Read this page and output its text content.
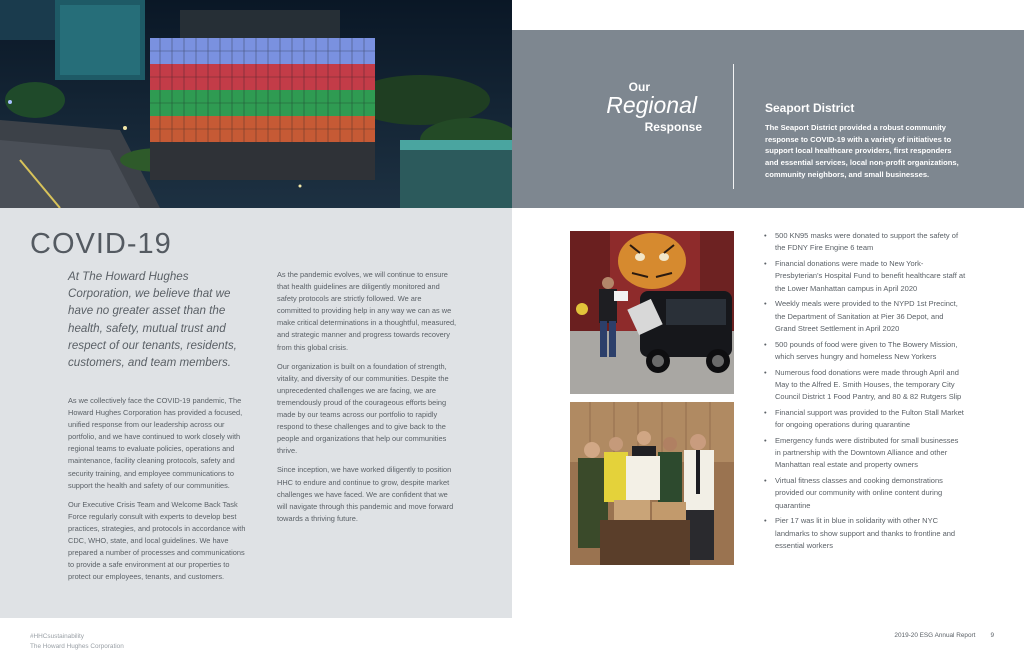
Our
Regional
Response
Seaport District
The Seaport District provided a robust community response to COVID-19 with a variety of initiatives to support local healthcare providers, first responders and essential services, local non-profit organizations, community neighbors, and small businesses.
COVID-19
At The Howard Hughes Corporation, we believe that we have no greater asset than the health, safety, mutual trust and respect of our tenants, residents, customers, and team members.

As we collectively face the COVID-19 pandemic, The Howard Hughes Corporation has provided a focused, unified response from our leadership across our portfolio, and we have continued to work closely with regional teams to evaluate policies, operations and maintenance, facility cleaning protocols, safety and security training, and employee communications to support the health and safety of our communities.

Our Executive Crisis Team and Welcome Back Task Force regularly consult with experts to develop best practices, strategies, and protocols in accordance with CDC, WHO, state, and local guidelines. We have prepared a number of processes and communications to provide a safe environment at our properties to protect our employees, tenants, and customers.

As the pandemic evolves, we will continue to ensure that health guidelines are diligently monitored and safety protocols are strictly followed. We are committed to providing help in any way we can as we make critical determinations in a thoughtful, measured, and strategic manner and progress towards recovery from this global crisis.

Our organization is built on a foundation of strength, vitality, and diversity of our communities. Despite the unprecedented challenges we are facing, we are tremendously proud of the courageous efforts being made by our teams across our portfolio to rapidly respond to these challenges and to give back to the people and organizations that help our communities thrive.

Since inception, we have worked diligently to position HHC to endure and continue to grow, despite market challenges we have faced. We are confident that we will navigate through this pandemic and move forward towards a thriving future.

• 500 KN95 masks were donated to support the safety of the FDNY Fire Engine 6 team
• Financial donations were made to New York-Presbyterian's Hospital Fund to benefit healthcare staff at the Lower Manhattan campus in April 2020
• Weekly meals were provided to the NYPD 1st Precinct, the Department of Sanitation at Pier 36 Depot, and Grand Street Settlement in April 2020
• 500 pounds of food were given to The Bowery Mission, which serves hungry and homeless New Yorkers
• Numerous food donations were made through April and May to the Alfred E. Smith Houses, the temporary City Council District 1 Food Pantry, and 80 & 82 Rutgers Slip
• Financial support was provided to the Fulton Stall Market for ongoing operations during quarantine
• Emergency funds were distributed for small businesses in partnership with the Downtown Alliance and other Manhattan real estate and property owners
• Virtual fitness classes and cooking demonstrations provided our community with online content during quarantine
• Pier 17 was lit in blue in solidarity with other NYC landmarks to show support and thanks to frontline and essential workers
#HHCsustainability
The Howard Hughes Corporation
2019-20 ESG Annual Report 9
